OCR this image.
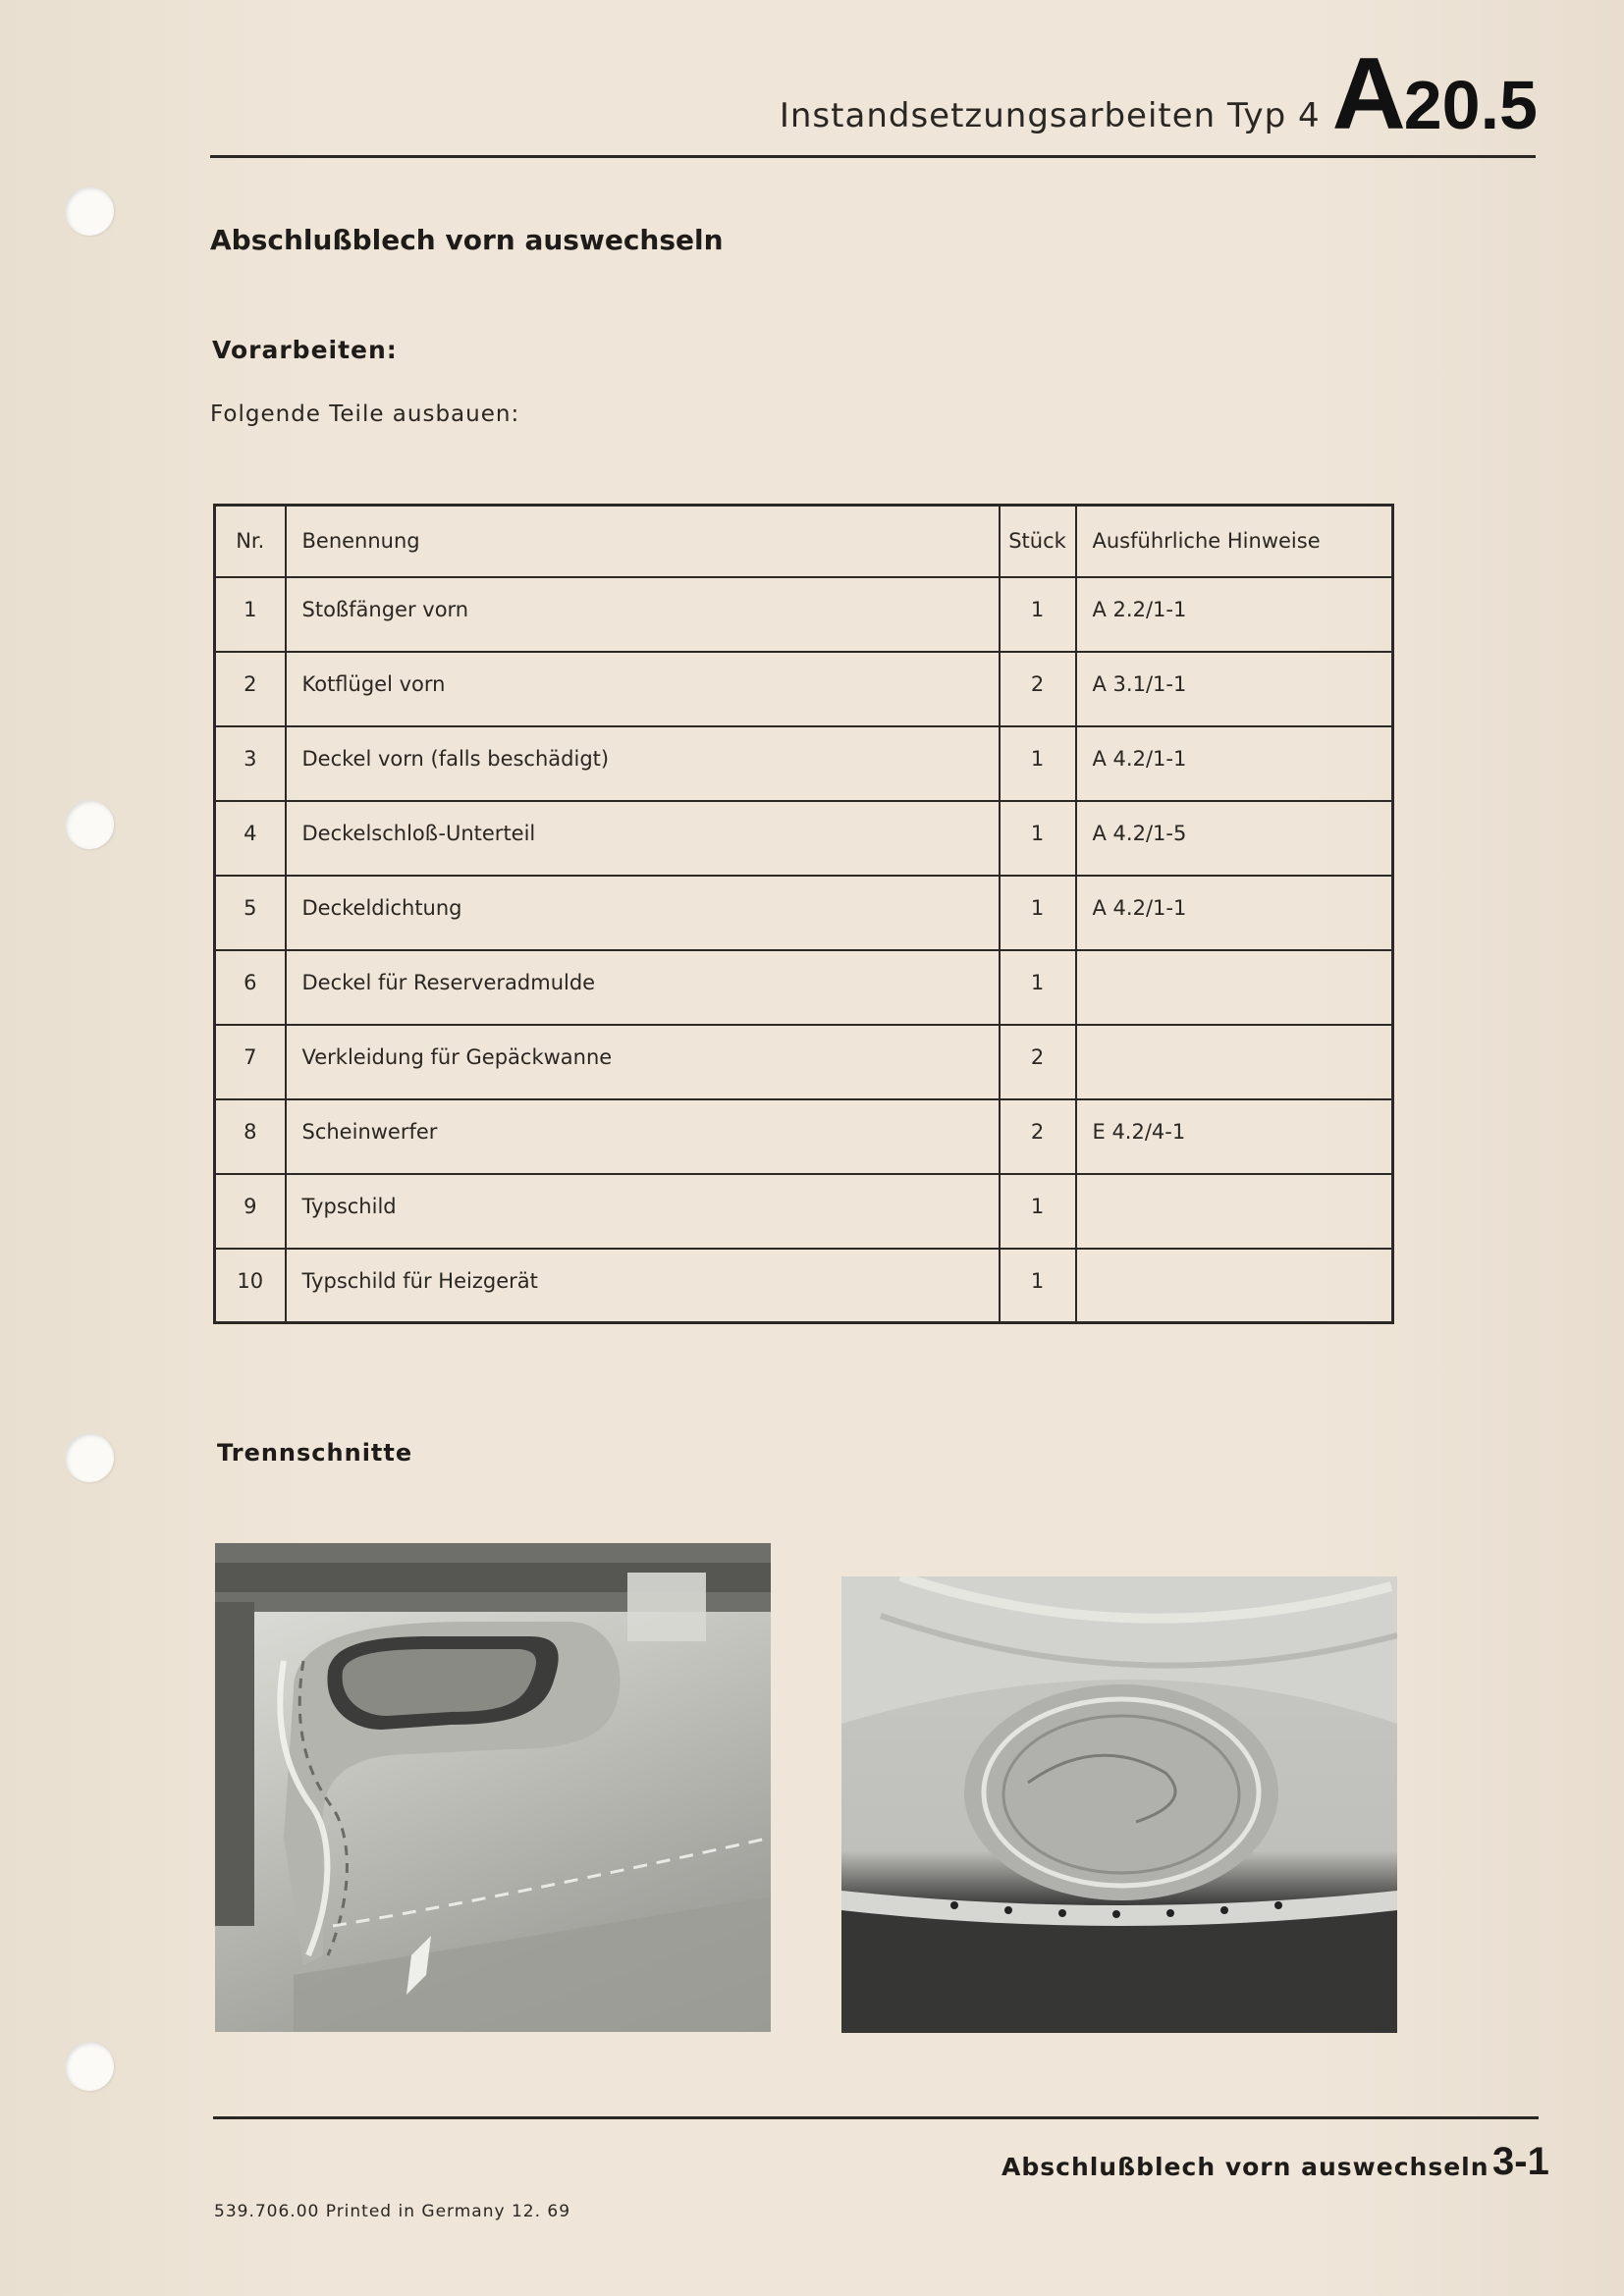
Instandsetzungsarbeiten Typ 4 A20.5
Abschlußblech vorn auswechseln
Vorarbeiten:
Folgende Teile ausbauen:
Nr.	Benennung	Stück	Ausführliche Hinweise
1	Stoßfänger vorn	1	A 2.2/1-1
2	Kotflügel vorn	2	A 3.1/1-1
3	Deckel vorn (falls beschädigt)	1	A 4.2/1-1
4	Deckelschloß-Unterteil	1	A 4.2/1-5
5	Deckeldichtung	1	A 4.2/1-1
6	Deckel für Reserveradmulde	1	
7	Verkleidung für Gepäckwanne	2	
8	Scheinwerfer	2	E 4.2/4-1
9	Typschild	1	
10	Typschild für Heizgerät	1	
Trennschnitte
Abschlußblech vorn auswechseln 3-1
539.706.00 Printed in Germany 12. 69
